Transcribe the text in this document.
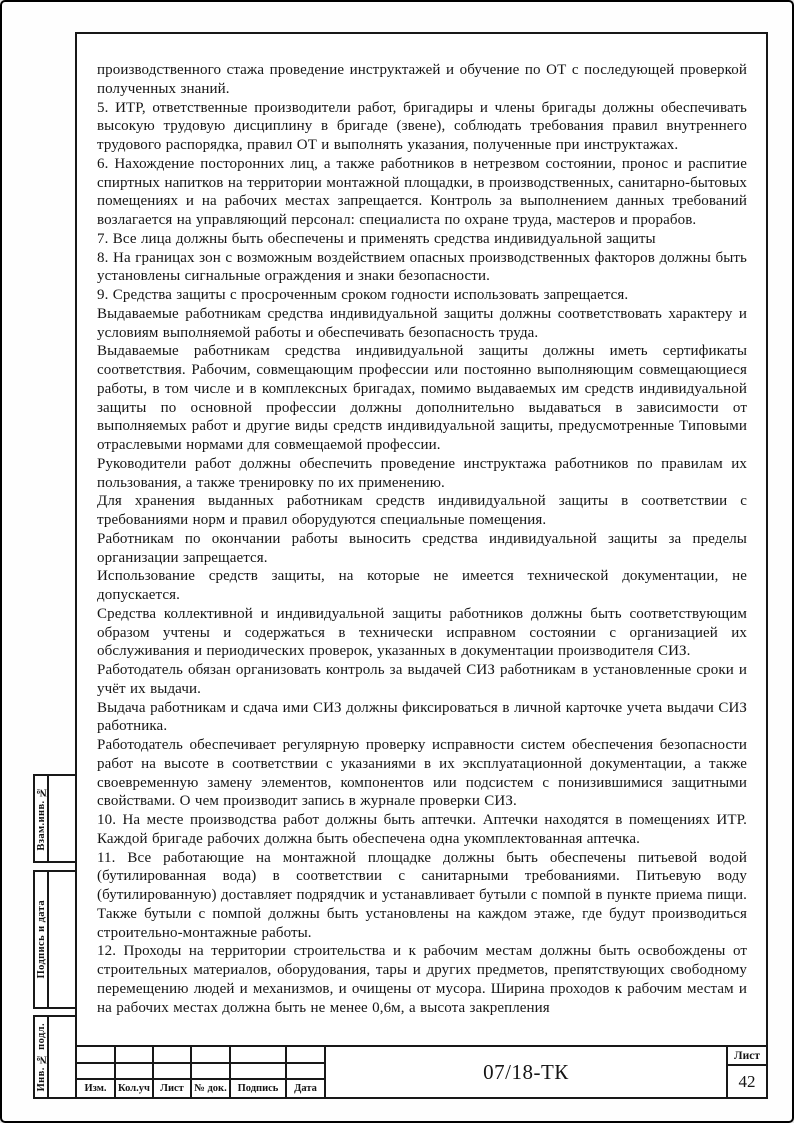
производственного стажа проведение инструктажей и обучение по ОТ с последующей проверкой полученных знаний.

5. ИТР, ответственные производители работ, бригадиры и члены бригады должны обеспечивать высокую трудовую дисциплину в бригаде (звене), соблюдать требования правил внутреннего трудового распорядка, правил ОТ и выполнять указания, полученные при инструктажах.

6. Нахождение посторонних лиц, а также работников в нетрезвом состоянии, пронос и распитие спиртных напитков на территории монтажной площадки, в производственных, санитарно-бытовых помещениях и на рабочих местах запрещается. Контроль за выполнением данных требований возлагается на управляющий персонал: специалиста по охране труда, мастеров и прорабов.

7. Все лица должны быть обеспечены и применять средства индивидуальной защиты

8. На границах зон с возможным воздействием опасных производственных факторов должны быть установлены сигнальные ограждения и знаки безопасности.

9. Средства защиты с просроченным сроком годности использовать запрещается.

Выдаваемые работникам средства индивидуальной защиты должны соответствовать характеру и условиям выполняемой работы и обеспечивать безопасность труда.

Выдаваемые работникам средства индивидуальной защиты должны иметь сертификаты соответствия. Рабочим, совмещающим профессии или постоянно выполняющим совмещающиеся работы, в том числе и в комплексных бригадах, помимо выдаваемых им средств индивидуальной защиты по основной профессии должны дополнительно выдаваться в зависимости от выполняемых работ и другие виды средств индивидуальной защиты, предусмотренные Типовыми отраслевыми нормами для совмещаемой профессии.

Руководители работ должны обеспечить проведение инструктажа работников по правилам их пользования, а также тренировку по их применению.

Для хранения выданных работникам средств индивидуальной защиты в соответствии с требованиями норм и правил оборудуются специальные помещения.

Работникам по окончании работы выносить средства индивидуальной защиты за пределы организации запрещается.

Использование средств защиты, на которые не имеется технической документации, не допускается.

Средства коллективной и индивидуальной защиты работников должны быть соответствующим образом учтены и содержаться в технически исправном состоянии с организацией их обслуживания и периодических проверок, указанных в документации производителя СИЗ.

Работодатель обязан организовать контроль за выдачей СИЗ работникам в установленные сроки и учёт их выдачи.

Выдача работникам и сдача ими СИЗ должны фиксироваться в личной карточке учета выдачи СИЗ работника.

Работодатель обеспечивает регулярную проверку исправности систем обеспечения безопасности работ на высоте в соответствии с указаниями в их эксплуатационной документации, а также своевременную замену элементов, компонентов или подсистем с понизившимися защитными свойствами. О чем производит запись в журнале проверки СИЗ.

10. На месте производства работ должны быть аптечки. Аптечки находятся в помещениях ИТР. Каждой бригаде рабочих должна быть обеспечена одна укомплектованная аптечка.

11. Все работающие на монтажной площадке должны быть обеспечены питьевой водой (бутилированная вода) в соответствии с санитарными требованиями. Питьевую воду (бутилированную) доставляет подрядчик и устанавливает бутыли с помпой в пункте приема пищи. Также бутыли с помпой должны быть установлены на каждом этаже, где будут производиться строительно-монтажные работы.

12. Проходы на территории строительства и к рабочим местам должны быть освобождены от строительных материалов, оборудования, тары и других предметов, препятствующих свободному перемещению людей и механизмов, и очищены от мусора. Ширина проходов к рабочим местам и на рабочих местах должна быть не менее 0,6м, а высота закрепления

Взам.инв. №
Подпись и дата
Инв. № подл.	Изм.	Кол.уч Лист № док.	Подпись	Дата
07/18-ТК
Лист
42
